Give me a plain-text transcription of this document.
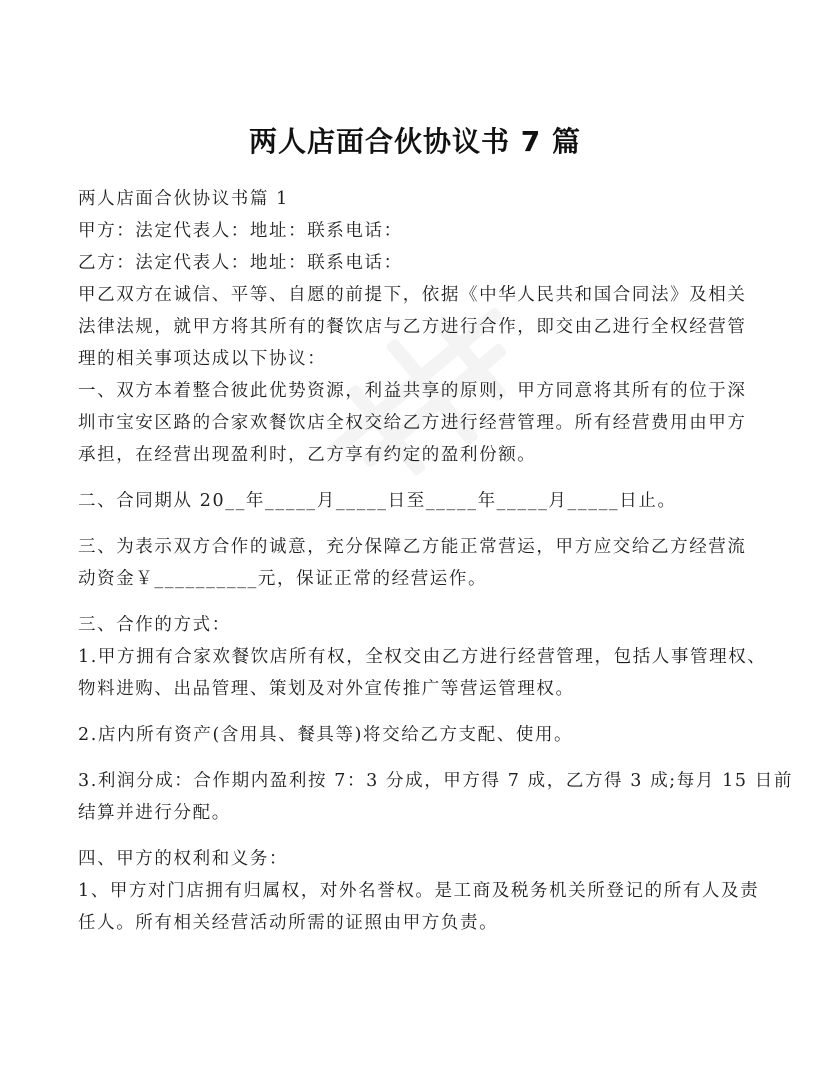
两人店面合伙协议书 7 篇
两人店面合伙协议书篇 1
甲方：法定代表人：地址：联系电话：
乙方：法定代表人：地址：联系电话：
甲乙双方在诚信、平等、自愿的前提下，依据《中华人民共和国合同法》及相关
法律法规，就甲方将其所有的餐饮店与乙方进行合作，即交由乙进行全权经营管
理的相关事项达成以下协议：
一、双方本着整合彼此优势资源，利益共享的原则，甲方同意将其所有的位于深
圳市宝安区路的合家欢餐饮店全权交给乙方进行经营管理。所有经营费用由甲方
承担，在经营出现盈利时，乙方享有约定的盈利份额。
二、合同期从 20__年_____月_____日至_____年_____月_____日止。
三、为表示双方合作的诚意，充分保障乙方能正常营运，甲方应交给乙方经营流
动资金￥__________元，保证正常的经营运作。
三、合作的方式：
1.甲方拥有合家欢餐饮店所有权，全权交由乙方进行经营管理，包括人事管理权、
物料进购、出品管理、策划及对外宣传推广等营运管理权。
2.店内所有资产(含用具、餐具等)将交给乙方支配、使用。
3.利润分成：合作期内盈利按 7：3 分成，甲方得 7 成，乙方得 3 成;每月 15 日前
结算并进行分配。
四、甲方的权利和义务：
1、甲方对门店拥有归属权，对外名誉权。是工商及税务机关所登记的所有人及责
任人。所有相关经营活动所需的证照由甲方负责。
